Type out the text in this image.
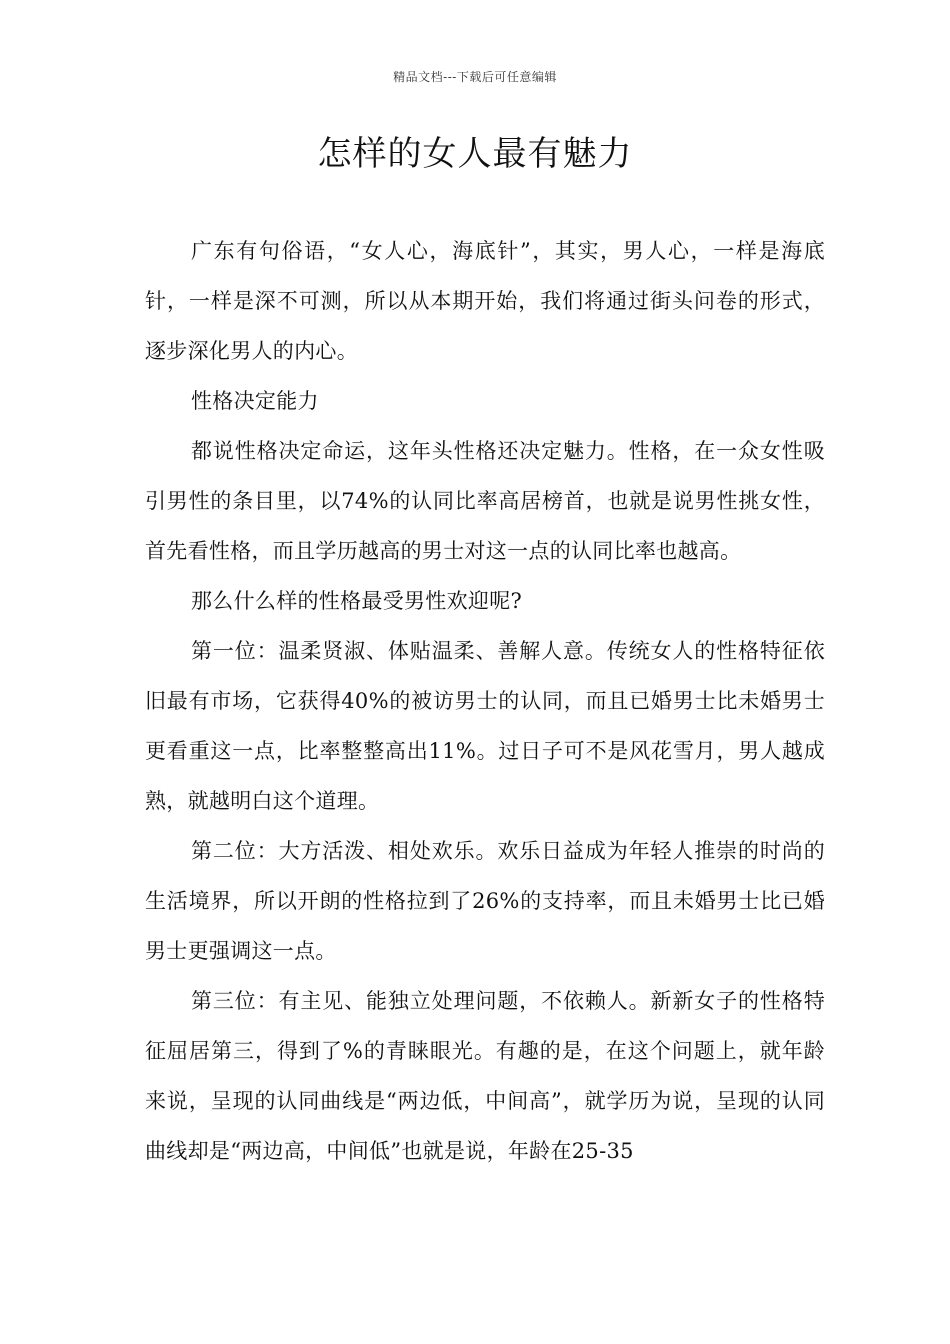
精品文档---下载后可任意编辑
怎样的女人最有魅力

广东有句俗语，“女人心，海底针”，其实，男人心，一样是海底针，一样是深不可测，所以从本期开始，我们将通过街头问卷的形式，逐步深化男人的内心。

性格决定能力

都说性格决定命运，这年头性格还决定魅力。性格，在一众女性吸引男性的条目里，以74%的认同比率高居榜首，也就是说男性挑女性，首先看性格，而且学历越高的男士对这一点的认同比率也越高。

那么什么样的性格最受男性欢迎呢?

第一位：温柔贤淑、体贴温柔、善解人意。传统女人的性格特征依旧最有市场，它获得40%的被访男士的认同，而且已婚男士比未婚男士更看重这一点，比率整整高出11%。过日子可不是风花雪月，男人越成熟，就越明白这个道理。

第二位：大方活泼、相处欢乐。欢乐日益成为年轻人推崇的时尚的生活境界，所以开朗的性格拉到了26%的支持率，而且未婚男士比已婚男士更强调这一点。

第三位：有主见、能独立处理问题，不依赖人。新新女子的性格特征屈居第三，得到了%的青睐眼光。有趣的是，在这个问题上，就年龄来说，呈现的认同曲线是“两边低，中间高”，就学历为说，呈现的认同曲线却是“两边高，中间低”也就是说，年龄在25-35
